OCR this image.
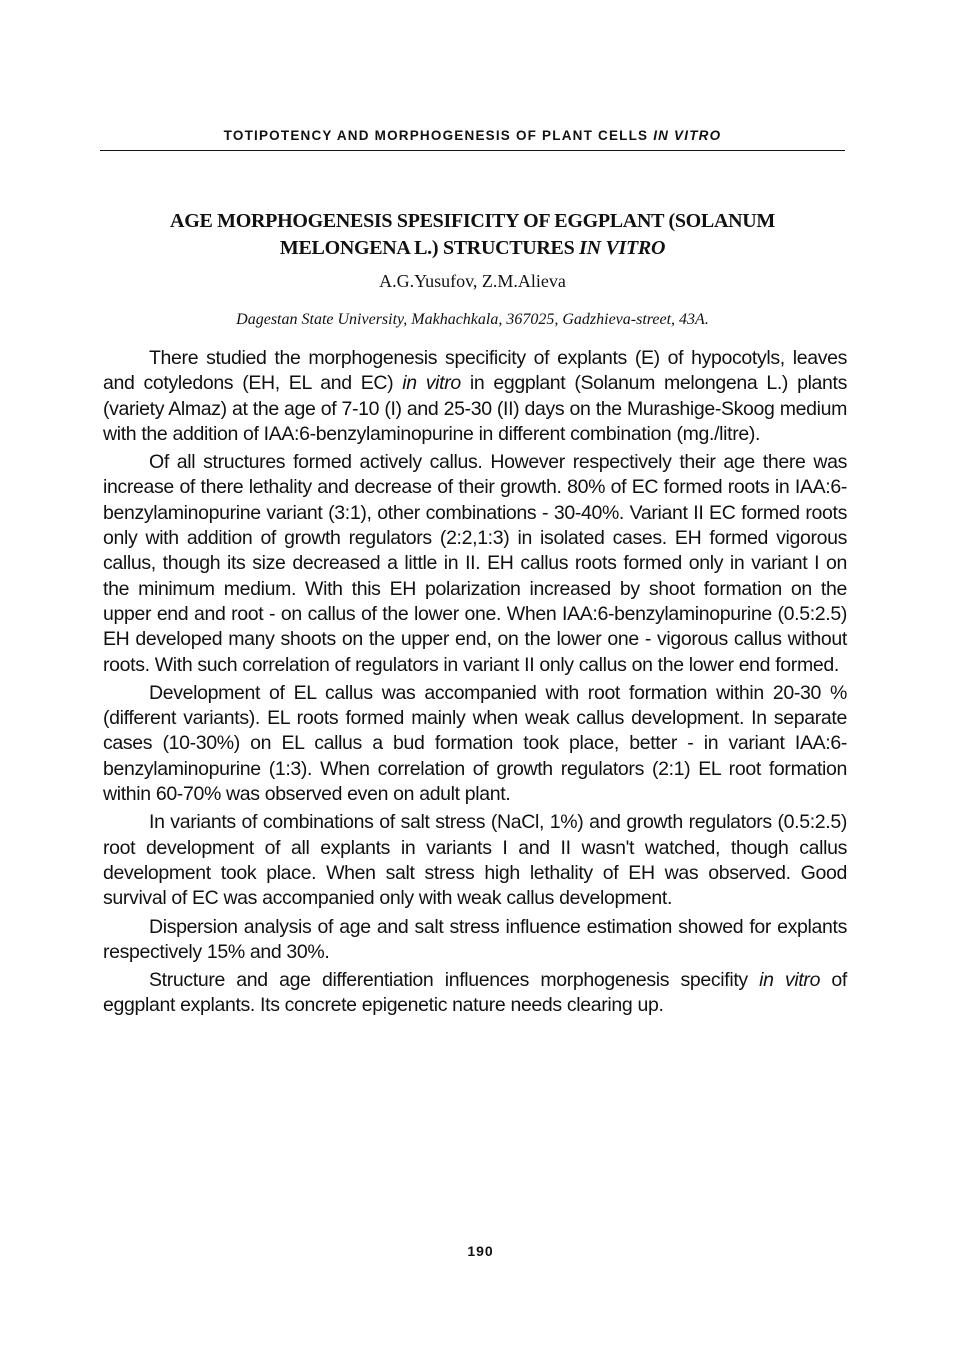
TOTIPOTENCY AND MORPHOGENESIS OF PLANT CELLS IN VITRO
AGE MORPHOGENESIS SPESIFICITY OF EGGPLANT (SOLANUM MELONGENA L.) STRUCTURES IN VITRO
A.G.Yusufov, Z.M.Alieva
Dagestan State University, Makhachkala, 367025, Gadzhieva-street, 43A.

There studied the morphogenesis specificity of explants (E) of hypocotyls, leaves and cotyledons (EH, EL and EC) in vitro in eggplant (Solanum melongena L.) plants (variety Almaz) at the age of 7-10 (I) and 25-30 (II) days on the Murashige-Skoog medium with the addition of IAA:6-benzylaminopurine in different combination (mg./litre).

Of all structures formed actively callus. However respectively their age there was increase of there lethality and decrease of their growth. 80% of EC formed roots in IAA:6-benzylaminopurine variant (3:1), other combinations - 30-40%. Variant II EC formed roots only with addition of growth regulators (2:2,1:3) in isolated cases. EH formed vigorous callus, though its size decreased a little in II. EH callus roots formed only in variant I on the minimum medium. With this EH polarization increased by shoot formation on the upper end and root - on callus of the lower one. When IAA:6-benzylaminopurine (0.5:2.5) EH developed many shoots on the upper end, on the lower one - vigorous callus without roots. With such correlation of regulators in variant II only callus on the lower end formed.

Development of EL callus was accompanied with root formation within 20-30 % (different variants). EL roots formed mainly when weak callus development. In separate cases (10-30%) on EL callus a bud formation took place, better - in variant IAA:6-benzylaminopurine (1:3). When correlation of growth regulators (2:1) EL root formation within 60-70% was observed even on adult plant.

In variants of combinations of salt stress (NaCl, 1%) and growth regulators (0.5:2.5) root development of all explants in variants I and II wasn't watched, though callus development took place. When salt stress high lethality of EH was observed. Good survival of EC was accompanied only with weak callus development.

Dispersion analysis of age and salt stress influence estimation showed for explants respectively 15% and 30%.

Structure and age differentiation influences morphogenesis specifity in vitro of eggplant explants. Its concrete epigenetic nature needs clearing up.

190
